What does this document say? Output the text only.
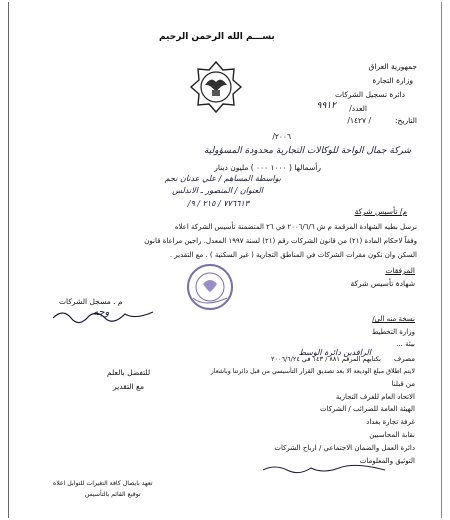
بســـم الله الرحمن الرحيم
جمهورية العراق
وزارة التجارة
دائرة تسجيل الشركات
العدد/
٩٩١٢
التاريخ:
/ ١٤٢٧/
٢٠٠٦/
شركة جمال الواحة للوكالات التجارية محدودة المسؤولية
رأسمالها ( ١٠٠٠ ٠٠٠ ) مليون دينار
بواسطة المساهم / علي عدنان نجم
العنوان / المنصور ـ الاندلس
٧٧٦٦١٣ / ٢١٥ / ٩/
م/ تأسيس شركة
نرسل بطيه الشهادة المرقمة م ش ٢٠٠٦/٦/٦ في ٢٦ المتضمنة تأسيس الشركة اعلاه
وفقاً لاحكام المادة (٢١) من قانون الشركات رقم (٢١) لسنة ١٩٩٧ المعدل. راجين مراعاة قانون
السكن وان تكون مقرات الشركات في المناطق التجارية ( غير السكنية ) . مع التقدير .
المرفقات
شهادة تأسيس شركة
م . مسجل الشركات
وجه
نسخة منه الى/
وزارة التخطيط
بيئة ...
الرافدين دائرة الوسط
مصرف
بكتابهم المرقم ٨٨١ / ١٤٣ في ٢٠٠٦/٦/٢٤
لايتم اطلاق مبلغ الوديعة الا بعد تصديق القرار التأسيسي من قبل دائرتنا وباشعار
من قبلنا
الاتحاد العام للغرف التجارية
الهيئة العامة للضرائب / الشركات
غرفة تجارة بغداد
نقابة المحاسبين
دائرة العمل والضمان الاجتماعي / ارباح الشركات
التوثيق والمعلومات
للتفضل بالعلم
مع التقدير
تعهد بايصال كافة التغيرات للتوابل اعلاه
توقيع القائم بالتأسيس
